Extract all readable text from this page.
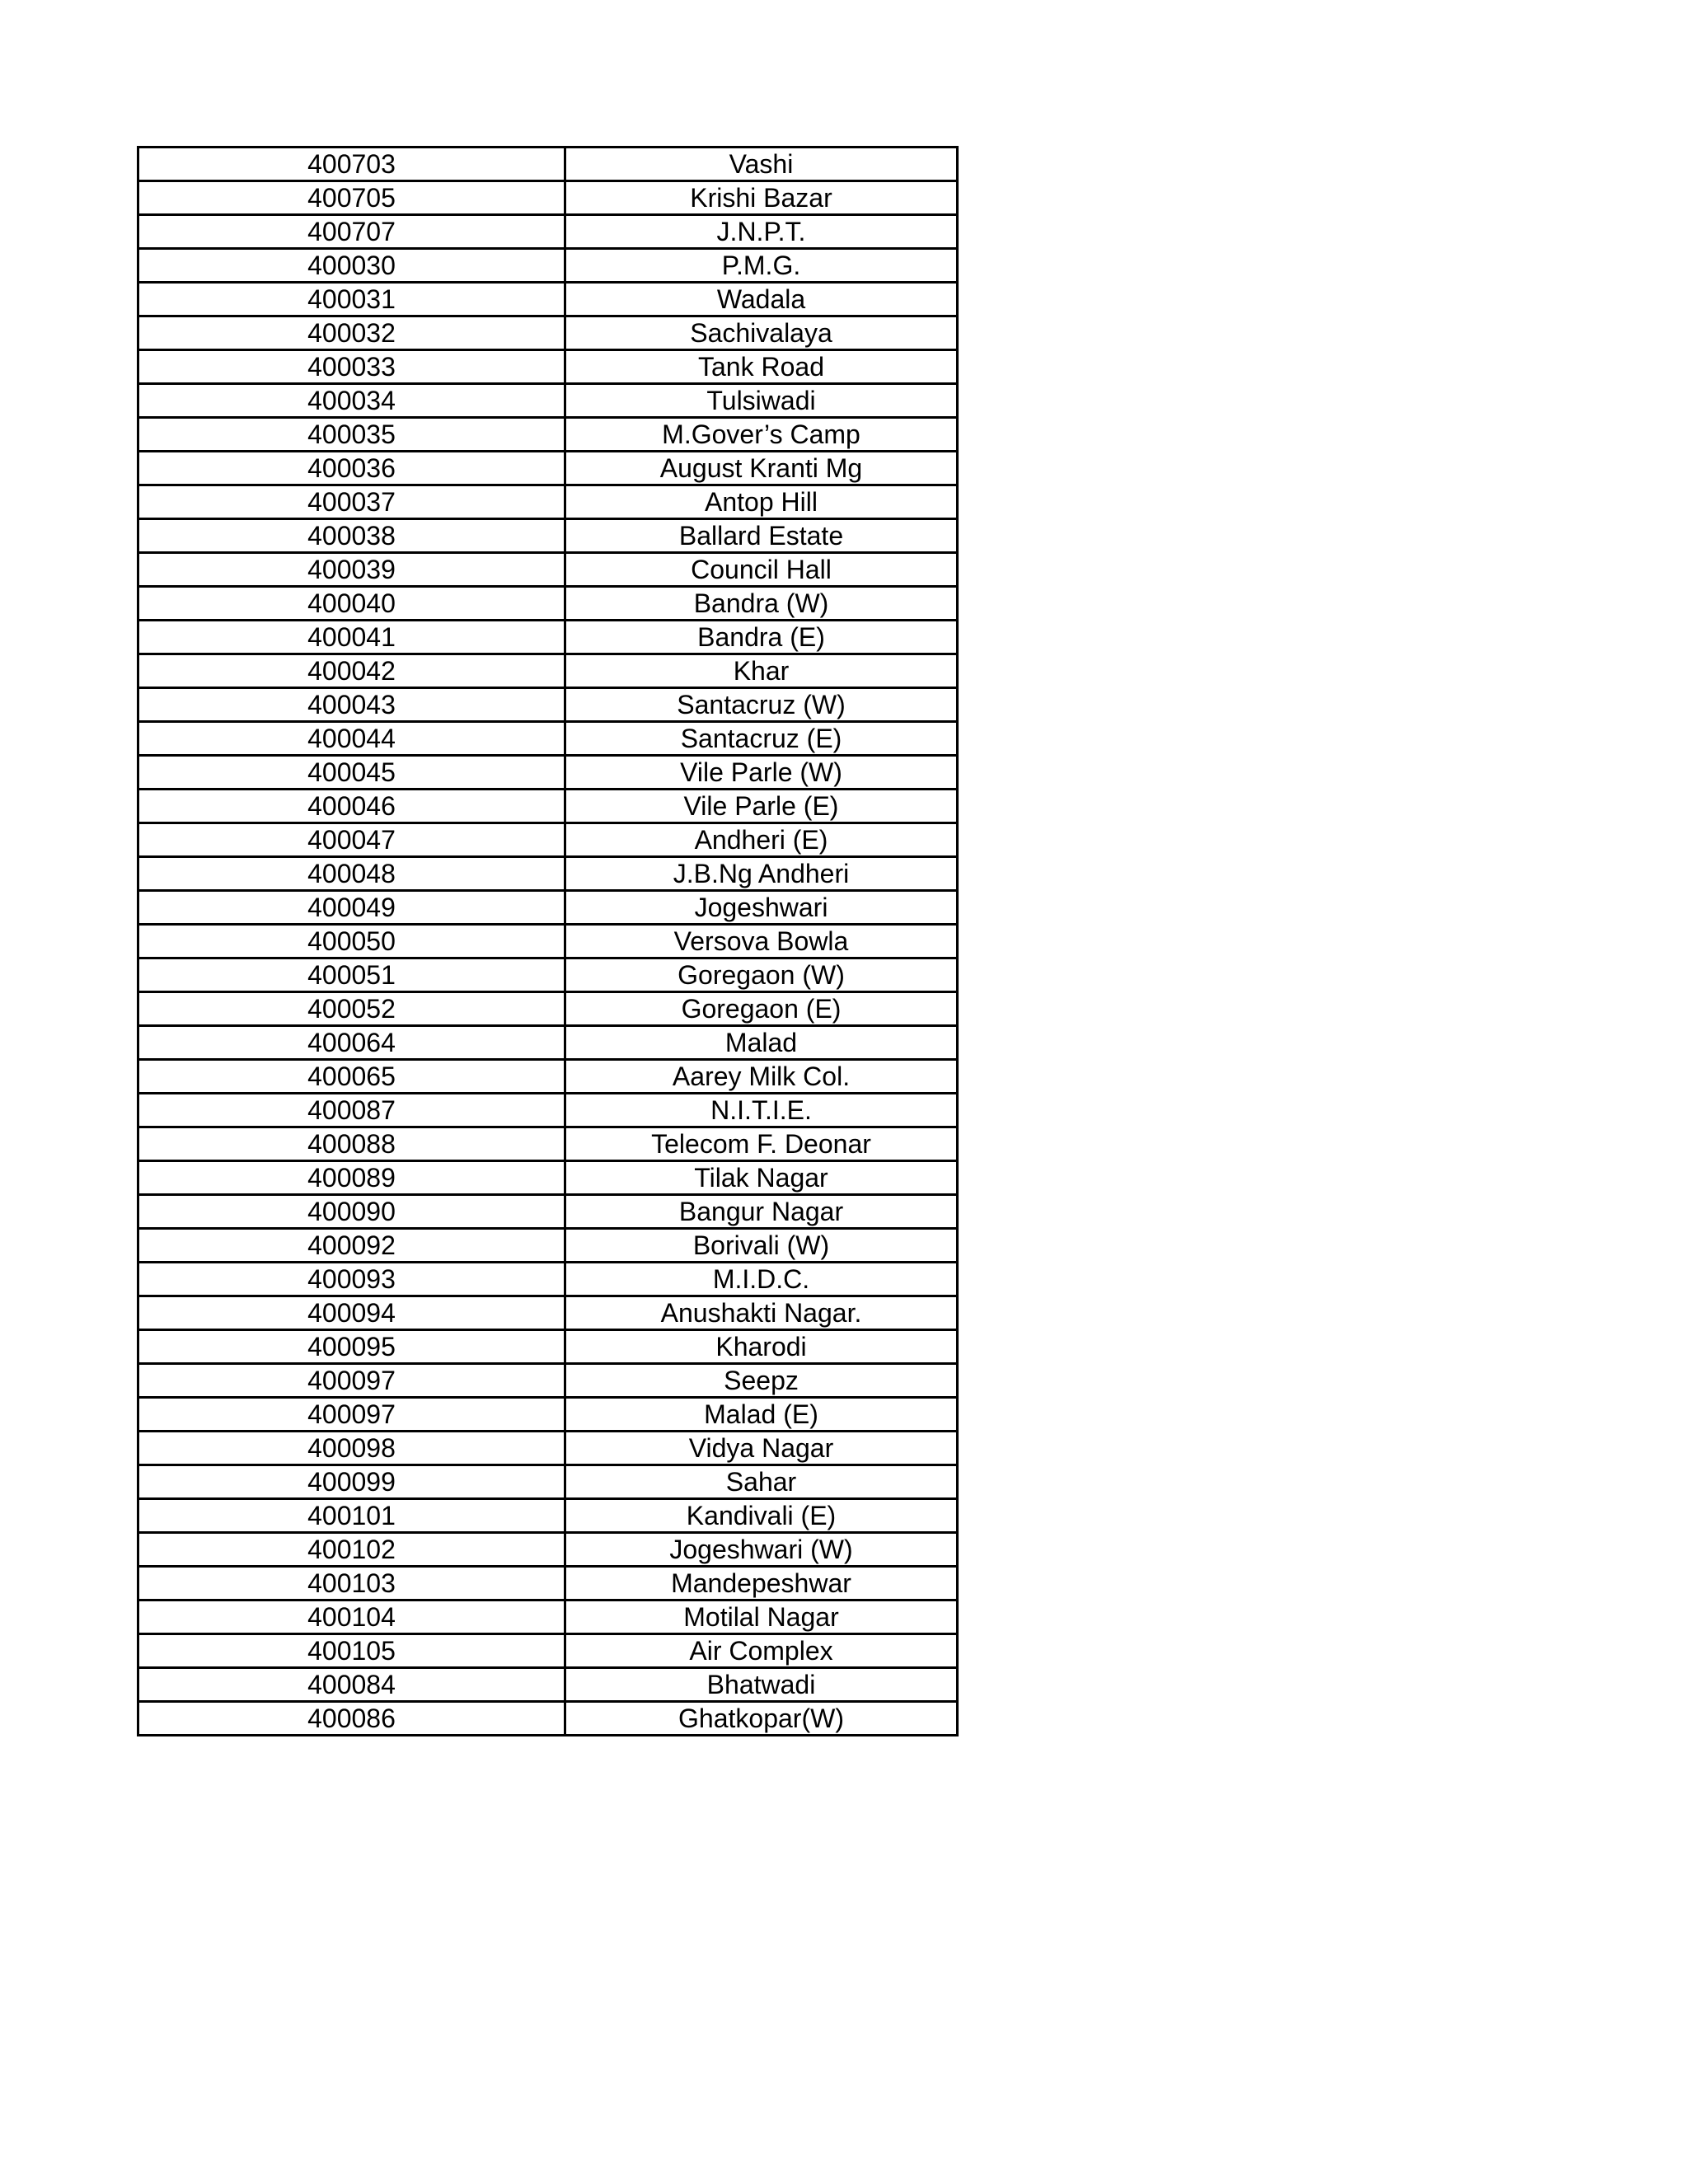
400703	Vashi
400705	Krishi Bazar
400707	J.N.P.T.
400030	P.M.G.
400031	Wadala
400032	Sachivalaya
400033	Tank Road
400034	Tulsiwadi
400035	M.Gover’s Camp
400036	August Kranti Mg
400037	Antop Hill
400038	Ballard Estate
400039	Council Hall
400040	Bandra (W)
400041	Bandra (E)
400042	Khar
400043	Santacruz (W)
400044	Santacruz (E)
400045	Vile Parle (W)
400046	Vile Parle (E)
400047	Andheri (E)
400048	J.B.Ng Andheri
400049	Jogeshwari
400050	Versova Bowla
400051	Goregaon (W)
400052	Goregaon (E)
400064	Malad
400065	Aarey Milk Col.
400087	N.I.T.I.E.
400088	Telecom F. Deonar
400089	Tilak Nagar
400090	Bangur Nagar
400092	Borivali (W)
400093	M.I.D.C.
400094	Anushakti Nagar.
400095	Kharodi
400097	Seepz
400097	Malad (E)
400098	Vidya Nagar
400099	Sahar
400101	Kandivali (E)
400102	Jogeshwari (W)
400103	Mandepeshwar
400104	Motilal Nagar
400105	Air Complex
400084	Bhatwadi
400086	Ghatkopar(W)
